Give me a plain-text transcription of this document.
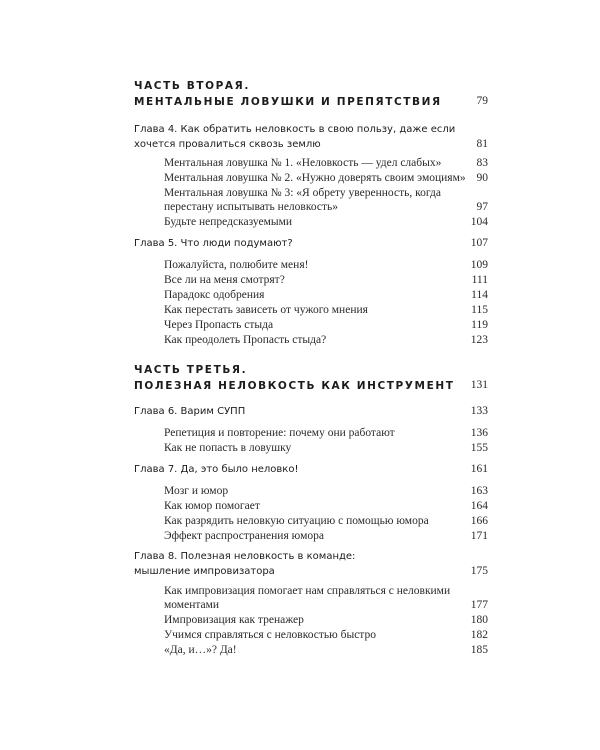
ЧАСТЬ ВТОРАЯ.
МЕНТАЛЬНЫЕ ЛОВУШКИ И ПРЕПЯТСТВИЯ	79
Глава 4. Как обратить неловкость в свою пользу, даже если
хочется провалиться сквозь землю	81
Ментальная ловушка № 1. «Неловкость — удел слабых»	83
Ментальная ловушка № 2. «Нужно доверять своим эмоциям» 90
Ментальная ловушка № 3: «Я обрету уверенность, когда
перестану испытывать неловкость»	97
Будьте непредсказуемыми	104
Глава 5. Что люди подумают?	107
Пожалуйста, полюбите меня!	109
Все ли на меня смотрят?	111
Парадокс одобрения	114
Как перестать зависеть от чужого мнения	115
Через Пропасть стыда	119
Как преодолеть Пропасть стыда?	123
ЧАСТЬ ТРЕТЬЯ.
ПОЛЕЗНАЯ НЕЛОВКОСТЬ КАК ИНСТРУМЕНТ 131
Глава 6. Варим СУПП	133
Репетиция и повторение: почему они работают	136
Как не попасть в ловушку	155
Глава 7. Да, это было неловко!	161
Мозг и юмор	163
Как юмор помогает	164
Как разрядить неловкую ситуацию с помощью юмора	166
Эффект распространения юмора	171
Глава 8. Полезная неловкость в команде:
мышление импровизатора	175
Как импровизация помогает нам справляться с неловкими
моментами	177
Импровизация как тренажер	180
Учимся справляться с неловкостью быстро	182
«Да, и…»? Да!	185
